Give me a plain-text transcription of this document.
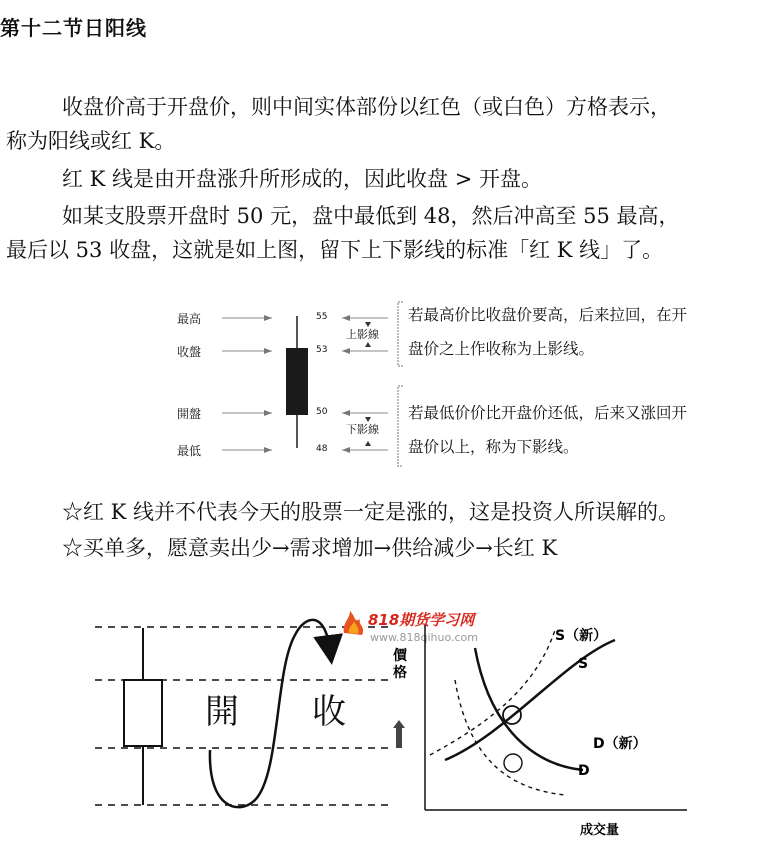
第十二节日阳线
收盘价高于开盘价，则中间实体部份以红色（或白色）方格表示，
称为阳线或红 K。
红 K 线是由开盘涨升所形成的，因此收盘 > 开盘。
如某支股票开盘时 50 元，盘中最低到 48，然后冲高至 55 最高，
最后以 53 收盘，这就是如上图，留下上下影线的标准「红 K 线」了。
最高
收盤
開盤
最低
55
53
50
48
上影線
下影線
若最高价比收盘价要高，后来拉回，在开
盘价之上作收称为上影线。
若最低价价比开盘价还低，后来又涨回开
盘价以上，称为下影线。
☆红 K 线并不代表今天的股票一定是涨的，这是投资人所误解的。
☆买单多，愿意卖出少→需求增加→供给减少→长红 K
開 收
818期货学习网
www.818qihuo.com
價格
S（新）
S
D（新）
D
成交量
